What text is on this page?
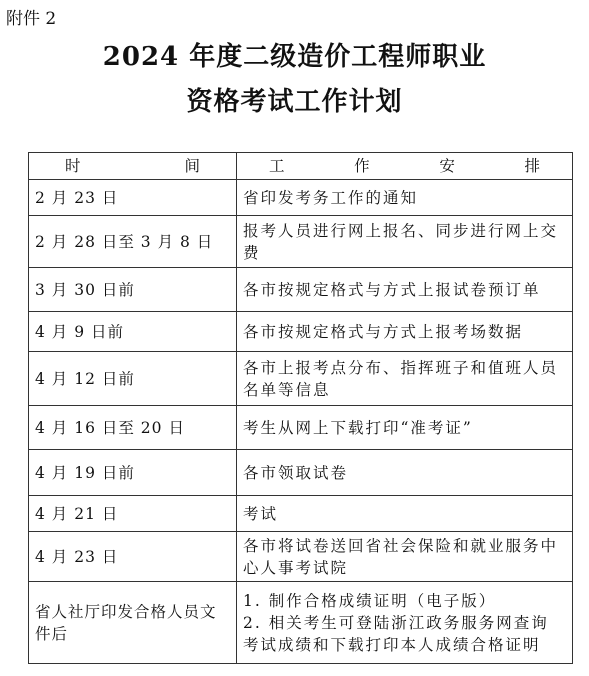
附件 2
2024 年度二级造价工程师职业
资格考试工作计划
时 间	工 作 安 排

2 月 23 日	省印发考务工作的通知
2 月 28 日至 3 月 8 日	报考人员进行网上报名、同步进行网上交费
3 月 30 日前	各市按规定格式与方式上报试卷预订单
4 月 9 日前	各市按规定格式与方式上报考场数据
4 月 12 日前	各市上报考点分布、指挥班子和值班人员名单等信息
4 月 16 日至 20 日	考生从网上下载打印“准考证”
4 月 19 日前	各市领取试卷
4 月 21 日	考试
4 月 23 日	各市将试卷送回省社会保险和就业服务中心人事考试院
省人社厅印发合格人员文件后	1. 制作合格成绩证明（电子版）
2. 相关考生可登陆浙江政务服务网查询考试成绩和下载打印本人成绩合格证明
